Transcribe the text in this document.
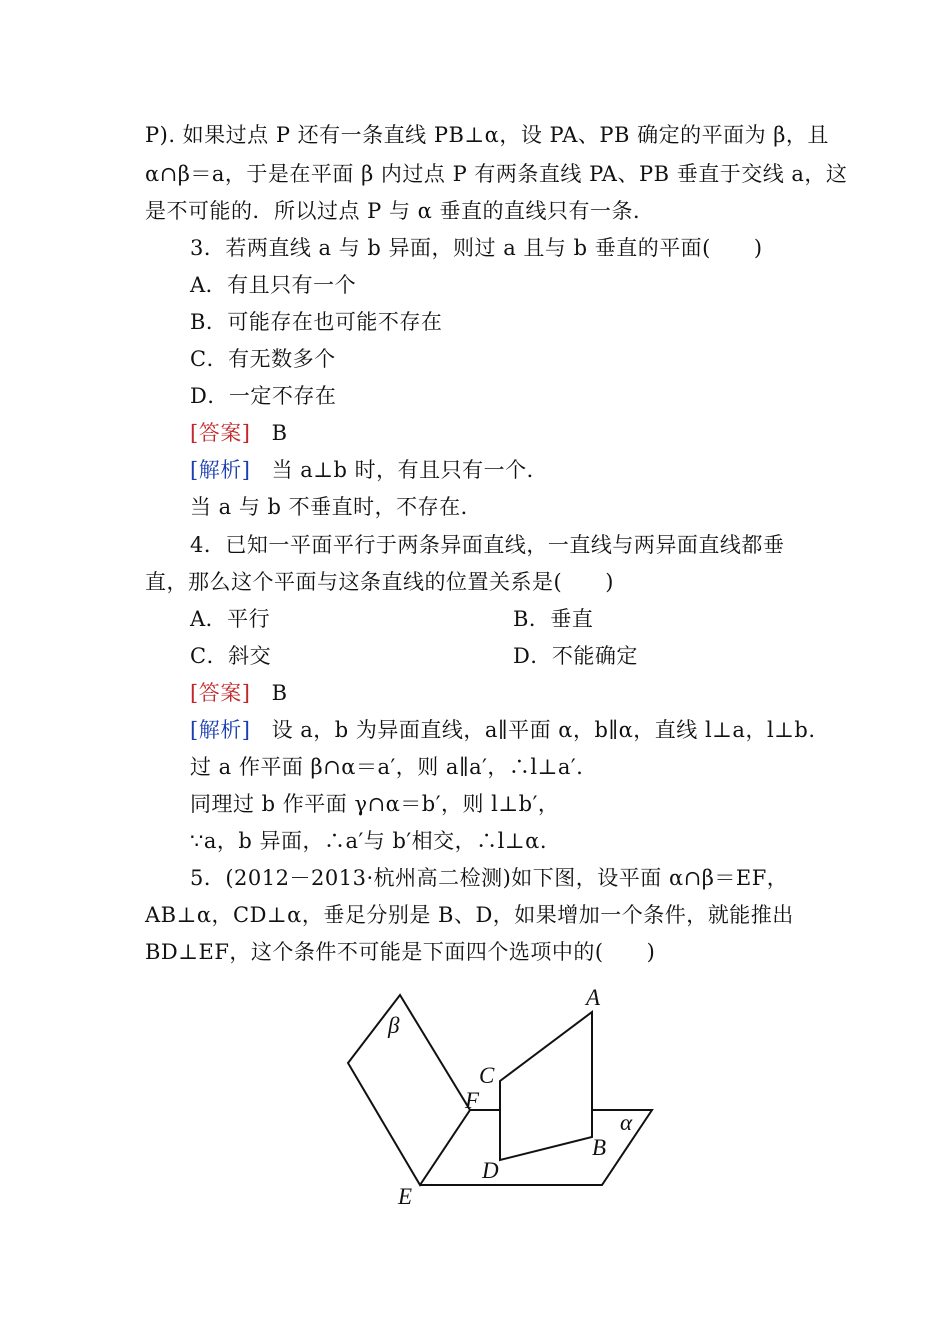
P). 如果过点 P 还有一条直线 PB⊥α，设 PA、PB 确定的平面为 β，且
α∩β＝a，于是在平面 β 内过点 P 有两条直线 PA、PB 垂直于交线 a，这
是不可能的．所以过点 P 与 α 垂直的直线只有一条．
3．若两直线 a 与 b 异面，则过 a 且与 b 垂直的平面(　　)
A．有且只有一个
B．可能存在也可能不存在
C．有无数多个
D．一定不存在
[答案] B
[解析] 当 a⊥b 时，有且只有一个．
当 a 与 b 不垂直时，不存在．
4．已知一平面平行于两条异面直线，一直线与两异面直线都垂
直，那么这个平面与这条直线的位置关系是(　　)
A．平行	B．垂直
C．斜交	D．不能确定
[答案] B
[解析] 设 a，b 为异面直线，a∥平面 α，b∥α，直线 l⊥a，l⊥b.
过 a 作平面 β∩α＝a′，则 a∥a′，∴l⊥a′．
同理过 b 作平面 γ∩α＝b′，则 l⊥b′，
∵a，b 异面，∴a′与 b′相交，∴l⊥α.
5．(2012－2013·杭州高二检测)如下图，设平面 α∩β＝EF，
AB⊥α，CD⊥α，垂足分别是 B、D，如果增加一个条件，就能推出
BD⊥EF，这个条件不可能是下面四个选项中的(　　)
β
A
C
F
α
B
D
E
